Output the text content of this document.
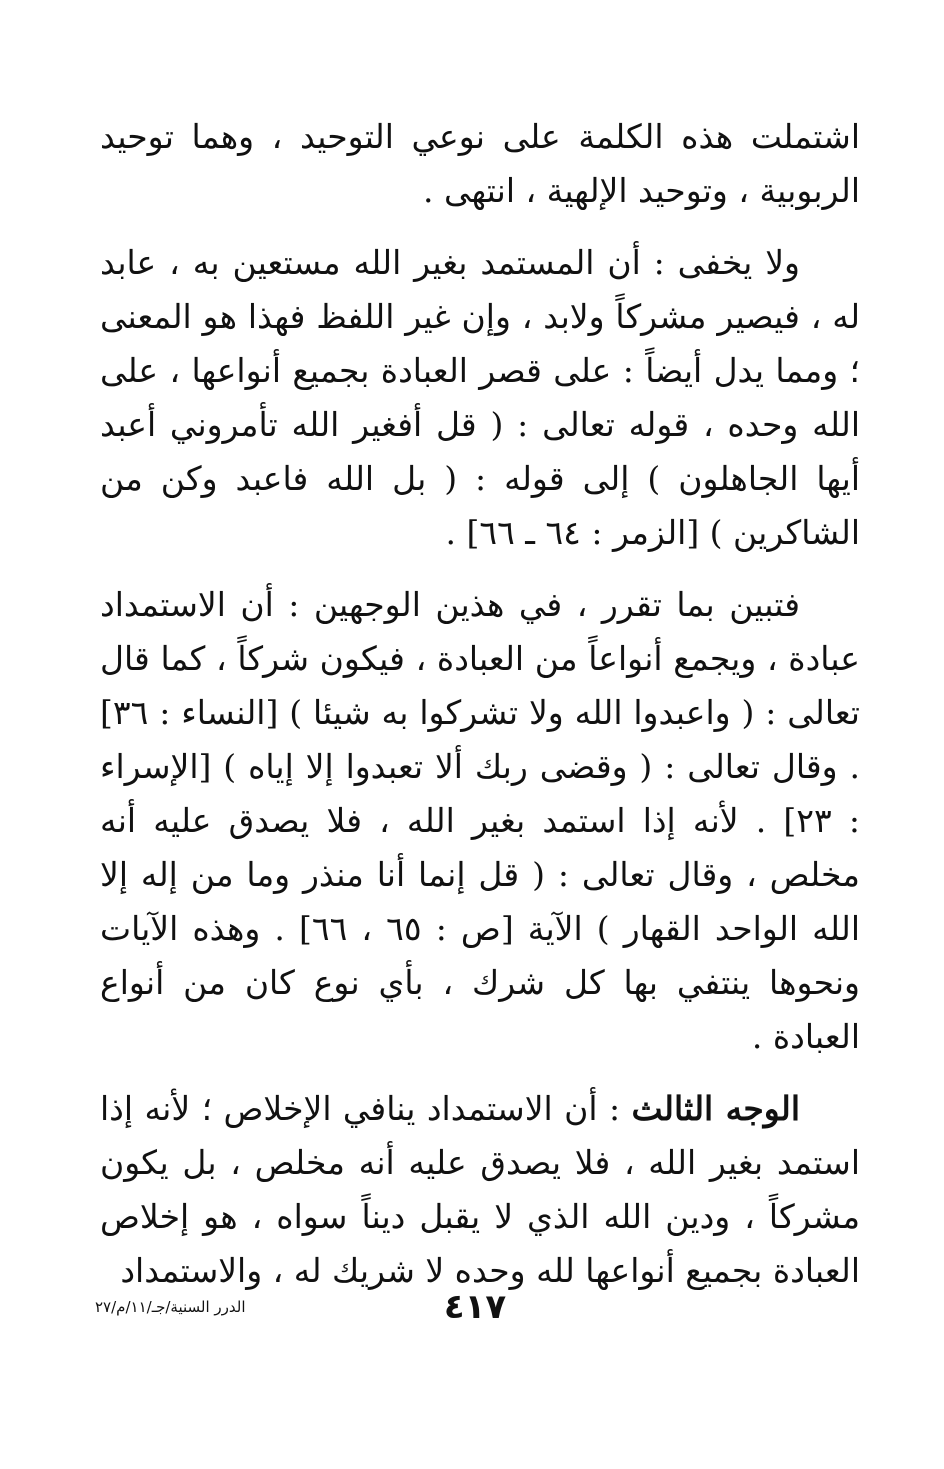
اشتملت هذه الكلمة على نوعي التوحيد ، وهما توحيد الربوبية ، وتوحيد الإلهية ، انتهى .

ولا يخفى : أن المستمد بغير الله مستعين به ، عابد له ، فيصير مشركاً ولابد ، وإن غير اللفظ فهذا هو المعنى ؛ ومما يدل أيضاً : على قصر العبادة بجميع أنواعها ، على الله وحده ، قوله تعالى : ( قل أفغير الله تأمروني أعبد أيها الجاهلون ) إلى قوله : ( بل الله فاعبد وكن من الشاكرين ) [الزمر : ٦٤ ـ ٦٦] .

فتبين بما تقرر ، في هذين الوجهين : أن الاستمداد عبادة ، ويجمع أنواعاً من العبادة ، فيكون شركاً ، كما قال تعالى : ( واعبدوا الله ولا تشركوا به شيئا ) [النساء : ٣٦] . وقال تعالى : ( وقضى ربك ألا تعبدوا إلا إياه ) [الإسراء : ٢٣] . لأنه إذا استمد بغير الله ، فلا يصدق عليه أنه مخلص ، وقال تعالى : ( قل إنما أنا منذر وما من إله إلا الله الواحد القهار ) الآية [ص : ٦٥ ، ٦٦] . وهذه الآيات ونحوها ينتفي بها كل شرك ، بأي نوع كان من أنواع العبادة .

الوجه الثالث : أن الاستمداد ينافي الإخلاص ؛ لأنه إذا استمد بغير الله ، فلا يصدق عليه أنه مخلص ، بل يكون مشركاً ، ودين الله الذي لا يقبل ديناً سواه ، هو إخلاص العبادة بجميع أنواعها لله وحده لا شريك له ، والاستمداد

٤١٧
الدرر السنية/جـ/١١/م/٢٧
